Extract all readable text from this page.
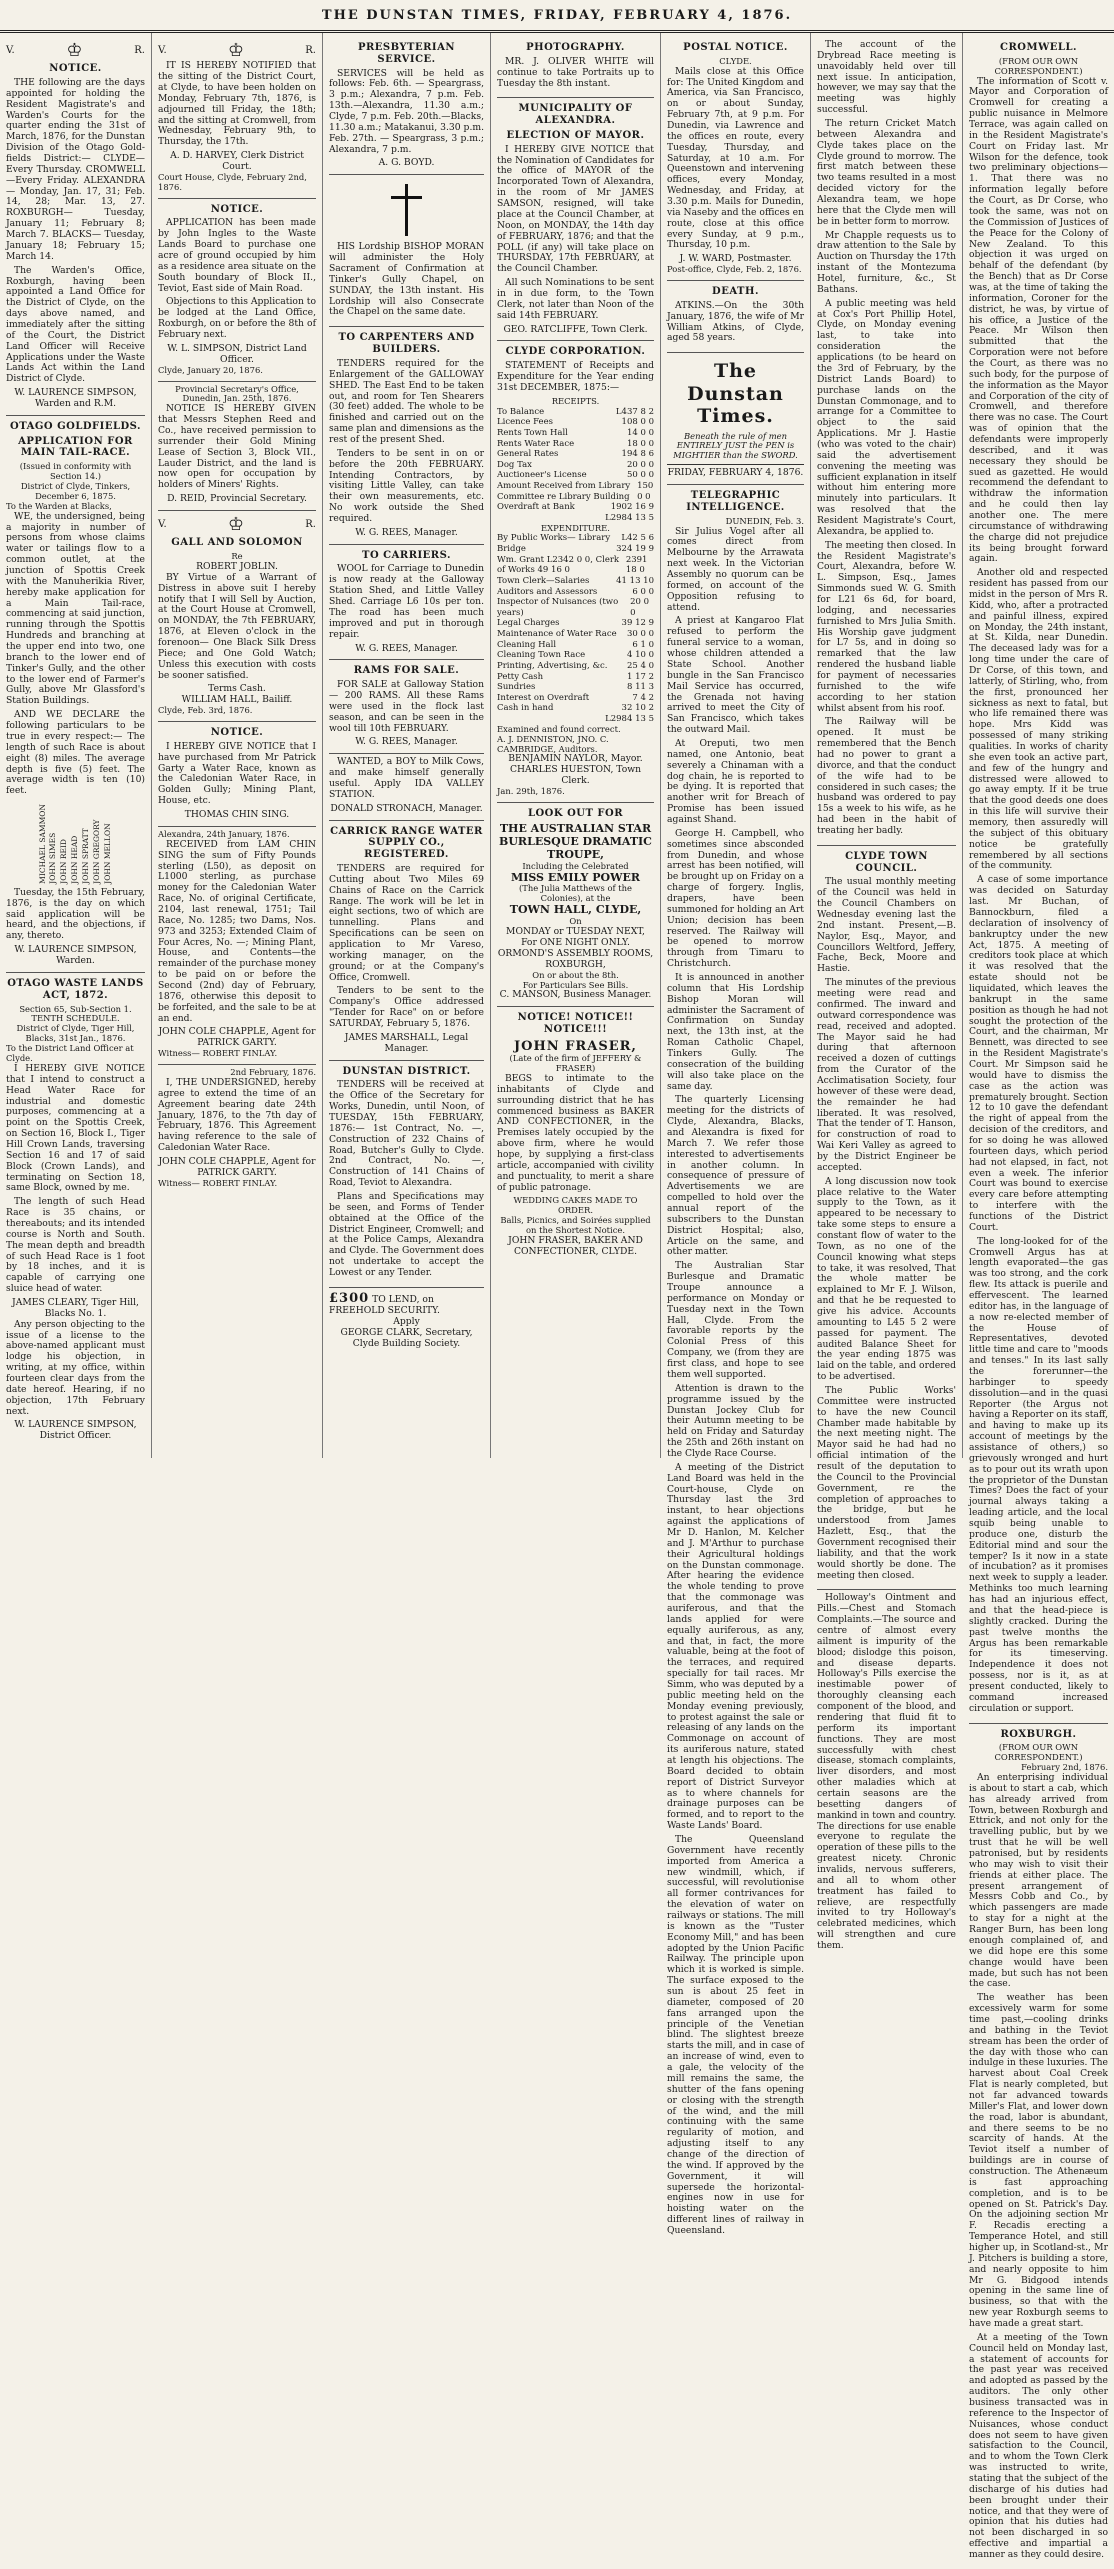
THE DUNSTAN TIMES, FRIDAY, FEBRUARY 4, 1876.
V.	♔	R.
NOTICE.

THE following are the days appointed for holding the Resident Magistrate's and Warden's Courts for the quarter ending the 31st of March, 1876, for the Dunstan Division of the Otago Gold-fields District:— CLYDE—Every Thursday. CROMWELL—Every Friday. ALEXANDRA— Monday, Jan. 17, 31; Feb. 14, 28; Mar. 13, 27. ROXBURGH— Tuesday, January 11; February 8; March 7. BLACKS— Tuesday, January 18; February 15; March 14.

The Warden's Office, Roxburgh, having been appointed a Land Office for the District of Clyde, on the days above named, and immediately after the sitting of the Court, the District Land Officer will Receive Applications under the Waste Lands Act within the Land District of Clyde.

W. LAURENCE SIMPSON, Warden and R.M.
OTAGO GOLDFIELDS.
APPLICATION FOR MAIN TAIL-RACE.
(Issued in conformity with Section 14.)
District of Clyde, Tinkers, December 6, 1875.
To the Warden at Blacks,

WE, the undersigned, being a majority in number of persons from whose claims water or tailings flow to a common outlet, at the junction of Spottis Creek with the Manuherikia River, hereby make application for a Main Tail-race, commencing at said junction, running through the Spottis Hundreds and branching at the upper end into two, one branch to the lower end of Tinker's Gully, and the other to the lower end of Farmer's Gully, above Mr Glassford's Station Buildings.

AND WE DECLARE the following particulars to be true in every respect:— The length of such Race is about eight (8) miles. The average depth is five (5) feet. The average width is ten (10) feet.

MICHAEL SAMMON JOHN SIMES JOHN REID JOHN HEAD JOHN SPRATT JOHN GREGORY JOHN MELLON

Tuesday, the 15th February, 1876, is the day on which said application will be heard, and the objections, if any, thereto.

W. LAURENCE SIMPSON, Warden.
OTAGO WASTE LANDS ACT, 1872.
Section 65, Sub-Section 1.
TENTH SCHEDULE.
District of Clyde, Tiger Hill, Blacks, 31st Jan., 1876.
To the District Land Officer at Clyde.

I HEREBY GIVE NOTICE that I intend to construct a Head Water Race for industrial and domestic purposes, commencing at a point on the Spottis Creek, on Section 16, Block I., Tiger Hill Crown Lands, traversing Section 16 and 17 of said Block (Crown Lands), and terminating on Section 18, same Block, owned by me.

The length of such Head Race is 35 chains, or thereabouts; and its intended course is North and South. The mean depth and breadth of such Head Race is 1 foot by 18 inches, and it is capable of carrying one sluice head of water.

JAMES CLEARY, Tiger Hill, Blacks No. 1.

Any person objecting to the issue of a license to the above-named applicant must lodge his objection, in writing, at my office, within fourteen clear days from the date hereof. Hearing, if no objection, 17th February next.

W. LAURENCE SIMPSON, District Officer.
V.	♔	R.

IT IS HEREBY NOTIFIED that the sitting of the District Court, at Clyde, to have been holden on Monday, February 7th, 1876, is adjourned till Friday, the 18th; and the sitting at Cromwell, from Wednesday, February 9th, to Thursday, the 17th.

A. D. HARVEY, Clerk District Court.
Court House, Clyde, February 2nd, 1876.
NOTICE.

APPLICATION has been made by John Ingles to the Waste Lands Board to purchase one acre of ground occupied by him as a residence area situate on the South boundary of Block II., Teviot, East side of Main Road.

Objections to this Application to be lodged at the Land Office, Roxburgh, on or before the 8th of February next.

W. L. SIMPSON, District Land Officer.
Clyde, January 20, 1876.
Provincial Secretary's Office, Dunedin, Jan. 25th, 1876.

NOTICE IS HEREBY GIVEN that Messrs Stephen Reed and Co., have received permission to surrender their Gold Mining Lease of Section 3, Block VII., Lauder District, and the land is now open for occupation by holders of Miners' Rights.

D. REID, Provincial Secretary.
V.	♔	R.
GALL AND SOLOMON
Re
ROBERT JOBLIN.

BY Virtue of a Warrant of Distress in above suit I hereby notify that I will Sell by Auction, at the Court House at Cromwell, on MONDAY, the 7th FEBRUARY, 1876, at Eleven o'clock in the forenoon— One Black Silk Dress Piece; and One Gold Watch; Unless this execution with costs be sooner satisfied.

Terms Cash.
WILLIAM HALL, Bailiff.
Clyde, Feb. 3rd, 1876.
NOTICE.

I HEREBY GIVE NOTICE that I have purchased from Mr Patrick Garty a Water Race, known as the Caledonian Water Race, in Golden Gully; Mining Plant, House, etc.

THOMAS CHIN SING.
Alexandra, 24th January, 1876.

RECEIVED from LAM CHIN SING the sum of Fifty Pounds sterling (L50), as deposit on L1000 sterling, as purchase money for the Caledonian Water Race, No. of original Certificate, 2104, last renewal, 1751; Tail Race, No. 1285; two Dams, Nos. 973 and 3253; Extended Claim of Four Acres, No. —; Mining Plant, House, and Contents—the remainder of the purchase money to be paid on or before the Second (2nd) day of February, 1876, otherwise this deposit to be forfeited, and the sale to be at an end.

JOHN COLE CHAPPLE, Agent for PATRICK GARTY.
Witness— ROBERT FINLAY.
2nd February, 1876.

I, THE UNDERSIGNED, hereby agree to extend the time of an Agreement bearing date 24th January, 1876, to the 7th day of February, 1876. This Agreement having reference to the sale of Caledonian Water Race.

JOHN COLE CHAPPLE, Agent for PATRICK GARTY.
Witness— ROBERT FINLAY.
PRESBYTERIAN SERVICE.

SERVICES will be held as follows: Feb. 6th. — Speargrass, 3 p.m.; Alexandra, 7 p.m. Feb. 13th.—Alexandra, 11.30 a.m.; Clyde, 7 p.m. Feb. 20th.—Blacks, 11.30 a.m.; Matakanui, 3.30 p.m. Feb. 27th. — Speargrass, 3 p.m.; Alexandra, 7 p.m.

A. G. BOYD.

HIS Lordship BISHOP MORAN will administer the Holy Sacrament of Confirmation at Tinker's Gully Chapel, on SUNDAY, the 13th instant. His Lordship will also Consecrate the Chapel on the same date.

TO CARPENTERS AND BUILDERS.

TENDERS required for the Enlargement of the GALLOWAY SHED. The East End to be taken out, and room for Ten Shearers (30 feet) added. The whole to be finished and carried out on the same plan and dimensions as the rest of the present Shed.

Tenders to be sent in on or before the 20th FEBRUARY. Intending Contractors, by visiting Little Valley, can take their own measurements, etc. No work outside the Shed required.

W. G. REES, Manager.
TO CARRIERS.

WOOL for Carriage to Dunedin is now ready at the Galloway Station Shed, and Little Valley Shed. Carriage L6 10s per ton. The road has been much improved and put in thorough repair.

W. G. REES, Manager.
RAMS FOR SALE.

FOR SALE at Galloway Station— 200 RAMS. All these Rams were used in the flock last season, and can be seen in the wool till 10th FEBRUARY.

W. G. REES, Manager.

WANTED, a BOY to Milk Cows, and make himself generally useful. Apply IDA VALLEY STATION.

DONALD STRONACH, Manager.
CARRICK RANGE WATER SUPPLY CO., REGISTERED.

TENDERS are required for Cutting about Two Miles 69 Chains of Race on the Carrick Range. The work will be let in eight sections, two of which are tunnelling. Plans and Specifications can be seen on application to Mr Vareso, working manager, on the ground; or at the Company's Office, Cromwell.

Tenders to be sent to the Company's Office addressed "Tender for Race" on or before SATURDAY, February 5, 1876.

JAMES MARSHALL, Legal Manager.
DUNSTAN DISTRICT.

TENDERS will be received at the Office of the Secretary for Works, Dunedin, until Noon, of TUESDAY, 15th FEBRUARY, 1876:— 1st Contract, No. —, Construction of 232 Chains of Road, Butcher's Gully to Clyde. 2nd Contract, No. —, Construction of 141 Chains of Road, Teviot to Alexandra.

Plans and Specifications may be seen, and Forms of Tender obtained at the Office of the District Engineer, Cromwell; and at the Police Camps, Alexandra and Clyde. The Government does not undertake to accept the Lowest or any Tender.

£300 TO LEND, on FREEHOLD SECURITY.
Apply
GEORGE CLARK, Secretary, Clyde Building Society.
PHOTOGRAPHY.

MR. J. OLIVER WHITE will continue to take Portraits up to Tuesday the 8th instant.

MUNICIPALITY OF ALEXANDRA.
ELECTION OF MAYOR.

I HEREBY GIVE NOTICE that the Nomination of Candidates for the office of MAYOR of the Incorporated Town of Alexandra, in the room of Mr JAMES SAMSON, resigned, will take place at the Council Chamber, at Noon, on MONDAY, the 14th day of FEBRUARY, 1876; and that the POLL (if any) will take place on THURSDAY, 17th FEBRUARY, at the Council Chamber.

All such Nominations to be sent in in due form, to the Town Clerk, not later than Noon of the said 14th FEBRUARY.

GEO. RATCLIFFE, Town Clerk.
CLYDE CORPORATION.

STATEMENT of Receipts and Expenditure for the Year ending 31st DECEMBER, 1875:—

RECEIPTS.
To Balance	L437 8 2
Licence Fees	108 0 0
Rents Town Hall	14 0 0
Rents Water Race	18 0 0
General Rates	194 8 6
Dog Tax	20 0 0
Auctioneer's License	50 0 0
Amount Received from Library Committee re Library Building
150 0 0
Overdraft at Bank	1902 16 9
L2984 13 5
EXPENDITURE.
By Public Works— Library L42 5 6
Bridge	324 19 9
Wm. Grant L2342 0 0, Clerk of Works 49 16 0
2391 18 0
Town Clerk—Salaries	41 13 10
Auditors and Assessors	6 0 0
Inspector of Nuisances (two years)
20 0 0
Legal Charges	39 12 9
Maintenance of Water Race 30 0 0
Cleaning Hall	6 1 0
Cleaning Town Race	4 10 0
Printing, Advertising, &c. 25 4 0
Petty Cash	1 17 2
Sundries	8 11 3
Interest on Overdraft	7 4 2
Cash in hand	32 10 2
L2984 13 5
Examined and found correct.
A. J. DENNISTON, JNO. C. CAMBRIDGE, Auditors.
BENJAMIN NAYLOR, Mayor.
CHARLES HUESTON, Town Clerk.
Jan. 29th, 1876.
LOOK OUT FOR
THE AUSTRALIAN STAR BURLESQUE DRAMATIC TROUPE,
Including the Celebrated
MISS EMILY POWER
(The Julia Matthews of the Colonies), at the
TOWN HALL, CLYDE,
On
MONDAY or TUESDAY NEXT,
For ONE NIGHT ONLY.
ORMOND'S ASSEMBLY ROOMS, ROXBURGH,
On or about the 8th.
For Particulars See Bills.
C. MANSON, Business Manager.
NOTICE! NOTICE!! NOTICE!!!
JOHN FRASER,
(Late of the firm of JEFFERY & FRASER)

BEGS to intimate to the inhabitants of Clyde and surrounding district that he has commenced business as BAKER AND CONFECTIONER, in the Premises lately occupied by the above firm, where he would hope, by supplying a first-class article, accompanied with civility and punctuality, to merit a share of public patronage.

WEDDING CAKES MADE TO ORDER.
Balls, Picnics, and Soirées supplied on the Shortest Notice.
JOHN FRASER, BAKER AND CONFECTIONER, CLYDE.
POSTAL NOTICE.
CLYDE.

Mails close at this Office for: The United Kingdom and America, via San Francisco, on or about Sunday, February 7th, at 9 p.m. For Dunedin, via Lawrence and the offices en route, every Tuesday, Thursday, and Saturday, at 10 a.m. For Queenstown and intervening offices, every Monday, Wednesday, and Friday, at 3.30 p.m. Mails for Dunedin, via Naseby and the offices en route, close at this office every Sunday, at 9 p.m., Thursday, 10 p.m.

J. W. WARD, Postmaster.
Post-office, Clyde, Feb. 2, 1876.
DEATH.

ATKINS.—On the 30th January, 1876, the wife of Mr William Atkins, of Clyde, aged 58 years.

The Dunstan Times.
Beneath the rule of men ENTIRELY JUST the PEN is MIGHTIER than the SWORD.
FRIDAY, FEBRUARY 4, 1876.
TELEGRAPHIC INTELLIGENCE.
DUNEDIN, Feb. 3.

Sir Julius Vogel after all comes direct from Melbourne by the Arrawata next week. In the Victorian Assembly no quorum can be formed, on account of the Opposition refusing to attend.

A priest at Kangaroo Flat refused to perform the funeral service to a woman, whose children attended a State School. Another bungle in the San Francisco Mail Service has occurred, the Grenada not having arrived to meet the City of San Francisco, which takes the outward Mail.

At Oreputi, two men named, one Antonio, beat severely a Chinaman with a dog chain, he is reported to be dying. It is reported that another writ for Breach of Promise has been issued against Shand.

George H. Campbell, who sometimes since absconded from Dunedin, and whose arrest has been notified, will be brought up on Friday on a charge of forgery. Inglis, drapers, have been summoned for holding an Art Union; decision has been reserved. The Railway will be opened to morrow through from Timaru to Christchurch.

It is announced in another column that His Lordship Bishop Moran will administer the Sacrament of Confirmation on Sunday next, the 13th inst, at the Roman Catholic Chapel, Tinkers Gully. The consecration of the building will also take place on the same day.

The quarterly Licensing meeting for the districts of Clyde, Alexandra, Blacks, and Alexandra is fixed for March 7. We refer those interested to advertisements in another column. In consequence of pressure of Advertisements we are compelled to hold over the annual report of the subscribers to the Dunstan District Hospital; also, Article on the same, and other matter.

The Australian Star Burlesque and Dramatic Troupe announce a performance on Monday or Tuesday next in the Town Hall, Clyde. From the favorable reports by the Colonial Press of this Company, we (from they are first class, and hope to see them well supported.

Attention is drawn to the programme issued by the Dunstan Jockey Club for their Autumn meeting to be held on Friday and Saturday the 25th and 26th instant on the Clyde Race Course.

A meeting of the District Land Board was held in the Court-house, Clyde on Thursday last the 3rd instant, to hear objections against the applications of Mr D. Hanlon, M. Kelcher and J. M'Arthur to purchase their Agricultural holdings on the Dunstan commonage. After hearing the evidence the whole tending to prove that the commonage was auriferous, and that the lands applied for were equally auriferous, as any, and that, in fact, the more valuable, being at the foot of the terraces, and required specially for tail races. Mr Simm, who was deputed by a public meeting held on the Monday evening previously, to protest against the sale or releasing of any lands on the Commonage on account of its auriferous nature, stated at length his objections. The Board decided to obtain report of District Surveyor as to where channels for drainage purposes can be formed, and to report to the Waste Lands' Board.

The Queensland Government have recently imported from America a new windmill, which, if successful, will revolutionise all former contrivances for the elevation of water on railways or stations. The mill is known as the "Tuster Economy Mill," and has been adopted by the Union Pacific Railway. The principle upon which it is worked is simple. The surface exposed to the sun is about 25 feet in diameter, composed of 20 fans arranged upon the principle of the Venetian blind. The slightest breeze starts the mill, and in case of an increase of wind, even to a gale, the velocity of the mill remains the same, the shutter of the fans opening or closing with the strength of the wind, and the mill continuing with the same regularity of motion, and adjusting itself to any change of the direction of the wind. If approved by the Government, it will supersede the horizontal-engines now in use for hoisting water on the different lines of railway in Queensland.

The account of the Drybread Race meeting is unavoidably held over till next issue. In anticipation, however, we may say that the meeting was highly successful.

The return Cricket Match between Alexandra and Clyde takes place on the Clyde ground to morrow. The first match between these two teams resulted in a most decided victory for the Alexandra team, we hope here that the Clyde men will be in better form to morrow.

Mr Chapple requests us to draw attention to the Sale by Auction on Thursday the 17th instant of the Montezuma Hotel, furniture, &c., St Bathans.

A public meeting was held at Cox's Port Phillip Hotel, Clyde, on Monday evening last, to take into consideration the applications (to be heard on the 3rd of February, by the District Lands Board) to purchase lands on the Dunstan Commonage, and to arrange for a Committee to object to the said Applications. Mr J. Hastie (who was voted to the chair) said the advertisement convening the meeting was sufficient explanation in itself without him entering more minutely into particulars. It was resolved that the Resident Magistrate's Court, Alexandra, be applied to.

The meeting then closed. In the Resident Magistrate's Court, Alexandra, before W. L. Simpson, Esq., James Simmonds sued W. G. Smith for L21 6s 6d, for board, lodging, and necessaries furnished to Mrs Julia Smith. His Worship gave judgment for L7 5s, and in doing so remarked that the law rendered the husband liable for payment of necessaries furnished to the wife according to her station whilst absent from his roof.

The Railway will be opened. It must be remembered that the Bench had no power to grant a divorce, and that the conduct of the wife had to be considered in such cases; the husband was ordered to pay 15s a week to his wife, as he had been in the habit of treating her badly.

CLYDE TOWN COUNCIL.

The usual monthly meeting of the Council was held in the Council Chambers on Wednesday evening last the 2nd instant. Present,—B. Naylor, Esq., Mayor, and Councillors Weltford, Jeffery, Fache, Beck, Moore and Hastie.

The minutes of the previous meeting were read and confirmed. The inward and outward correspondence was read, received and adopted. The Mayor said he had during that afternoon received a dozen of cuttings from the Curator of the Acclimatisation Society, four however of these were dead, the remainder he had liberated. It was resolved, That the tender of T. Hanson, for construction of road to Wai Keri Valley as agreed to by the District Engineer be accepted.

A long discussion now took place relative to the Water supply to the Town, as it appeared to be necessary to take some steps to ensure a constant flow of water to the Town, as no one of the Council knowing what steps to take, it was resolved, That the whole matter be explained to Mr F. J. Wilson, and that he be requested to give his advice. Accounts amounting to L45 5 2 were passed for payment. The audited Balance Sheet for the year ending 1875 was laid on the table, and ordered to be advertised.

The Public Works' Committee were instructed to have the new Council Chamber made habitable by the next meeting night. The Mayor said he had had no official intimation of the result of the deputation to the Council to the Provincial Government, re the completion of approaches to the bridge, but he understood from James Hazlett, Esq., that the Government recognised their liability, and that the work would shortly be done. The meeting then closed.

Holloway's Ointment and Pills.—Chest and Stomach Complaints.—The source and centre of almost every ailment is impurity of the blood; dislodge this poison, and disease departs. Holloway's Pills exercise the inestimable power of thoroughly cleansing each component of the blood, and rendering that fluid fit to perform its important functions. They are most successfully with chest disease, stomach complaints, liver disorders, and most other maladies which at certain seasons are the besetting dangers of mankind in town and country. The directions for use enable everyone to regulate the operation of these pills to the greatest nicety. Chronic invalids, nervous sufferers, and all to whom other treatment has failed to relieve, are respectfully invited to try Holloway's celebrated medicines, which will strengthen and cure them.

CROMWELL.
(FROM OUR OWN CORRESPONDENT.)

The information of Scott v. Mayor and Corporation of Cromwell for creating a public nuisance in Melmore Terrace, was again called on in the Resident Magistrate's Court on Friday last. Mr Wilson for the defence, took two preliminary objections— 1. That there was no information legally before the Court, as Dr Corse, who took the same, was not on the Commission of Justices of the Peace for the Colony of New Zealand. To this objection it was urged on behalf of the defendant (by the Bench) that as Dr Corse was, at the time of taking the information, Coroner for the district, he was, by virtue of his office, a Justice of the Peace. Mr Wilson then submitted that the Corporation were not before the Court, as there was no such body, for the purpose of the information as the Mayor and Corporation of the city of Cromwell, and therefore there was no case. The Court was of opinion that the defendants were improperly described, and it was necessary they should be sued as gazetted. He would recommend the defendant to withdraw the information and he could then lay another one. The mere circumstance of withdrawing the charge did not prejudice its being brought forward again.

Another old and respected resident has passed from our midst in the person of Mrs R. Kidd, who, after a protracted and painful illness, expired on Monday, the 24th instant, at St. Kilda, near Dunedin. The deceased lady was for a long time under the care of Dr Corse, of this town, and latterly, of Stirling, who, from the first, pronounced her sickness as next to fatal, but who life remained there was hope. Mrs Kidd was possessed of many striking qualities. In works of charity she even took an active part, and few of the hungry and distressed were allowed to go away empty. If it be true that the good deeds one does in this life will survive their memory, then assuredly will the subject of this obituary notice be gratefully remembered by all sections of the community.

A case of some importance was decided on Saturday last. Mr Buchan, of Bannockburn, filed a declaration of insolvency of bankruptcy under the new Act, 1875. A meeting of creditors took place at which it was resolved that the estate should not be liquidated, which leaves the bankrupt in the same position as though he had not sought the protection of the Court, and the chairman, Mr Bennett, was directed to see in the Resident Magistrate's Court. Mr Simpson said he would have to dismiss the case as the action was prematurely brought. Section 12 to 10 gave the defendant the right of appeal from the decision of the creditors, and for so doing he was allowed fourteen days, which period had not elapsed, in fact, not even a week. The inferior Court was bound to exercise every care before attempting to interfere with the functions of the District Court.

The long-looked for of the Cromwell Argus has at length evaporated—the gas was too strong, and the cork flew. Its attack is puerile and effervescent. The learned editor has, in the language of a now re-elected member of the House of Representatives, devoted little time and care to "moods and tenses." In its last sally the forerunner—the harbinger to speedy dissolution—and in the quasi Reporter (the Argus not having a Reporter on its staff, and having to make up its account of meetings by the assistance of others,) so grievously wronged and hurt as to pour out its wrath upon the proprietor of the Dunstan Times? Does the fact of your journal always taking a leading article, and the local squib being unable to produce one, disturb the Editorial mind and sour the temper? Is it now in a state of incubation? as it promises next week to supply a leader. Methinks too much learning has had an injurious effect, and that the head-piece is slightly cracked. During the past twelve months the Argus has been remarkable for its timeserving. Independence it does not possess, nor is it, as at present conducted, likely to command increased circulation or support.

ROXBURGH.
(FROM OUR OWN CORRESPONDENT.)
February 2nd, 1876.

An enterprising individual is about to start a cab, which has already arrived from Town, between Roxburgh and Ettrick, and not only for the travelling public, but by we trust that he will be well patronised, but by residents who may wish to visit their friends at either place. The present arrangement of Messrs Cobb and Co., by which passengers are made to stay for a night at the Ranger Burn, has been long enough complained of, and we did hope ere this some change would have been made, but such has not been the case.

The weather has been excessively warm for some time past,—cooling drinks and bathing in the Teviot stream has been the order of the day with those who can indulge in these luxuries. The harvest about Coal Creek Flat is nearly completed, but not far advanced towards Miller's Flat, and lower down the road, labor is abundant, and there seems to be no scarcity of hands. At the Teviot itself a number of buildings are in course of construction. The Athenæum is fast approaching completion, and is to be opened on St. Patrick's Day. On the adjoining section Mr F. Recadis erecting a Temperance Hotel, and still higher up, in Scotland-st., Mr J. Pitchers is building a store, and nearly opposite to him Mr G. Bidgood intends opening in the same line of business, so that with the new year Roxburgh seems to have made a great start.

At a meeting of the Town Council held on Monday last, a statement of accounts for the past year was received and adopted as passed by the auditors. The only other business transacted was in reference to the Inspector of Nuisances, whose conduct does not seem to have given satisfaction to the Council, and to whom the Town Clerk was instructed to write, stating that the subject of the discharge of his duties had been brought under their notice, and that they were of opinion that his duties had not been discharged in so effective and impartial a manner as they could desire.
